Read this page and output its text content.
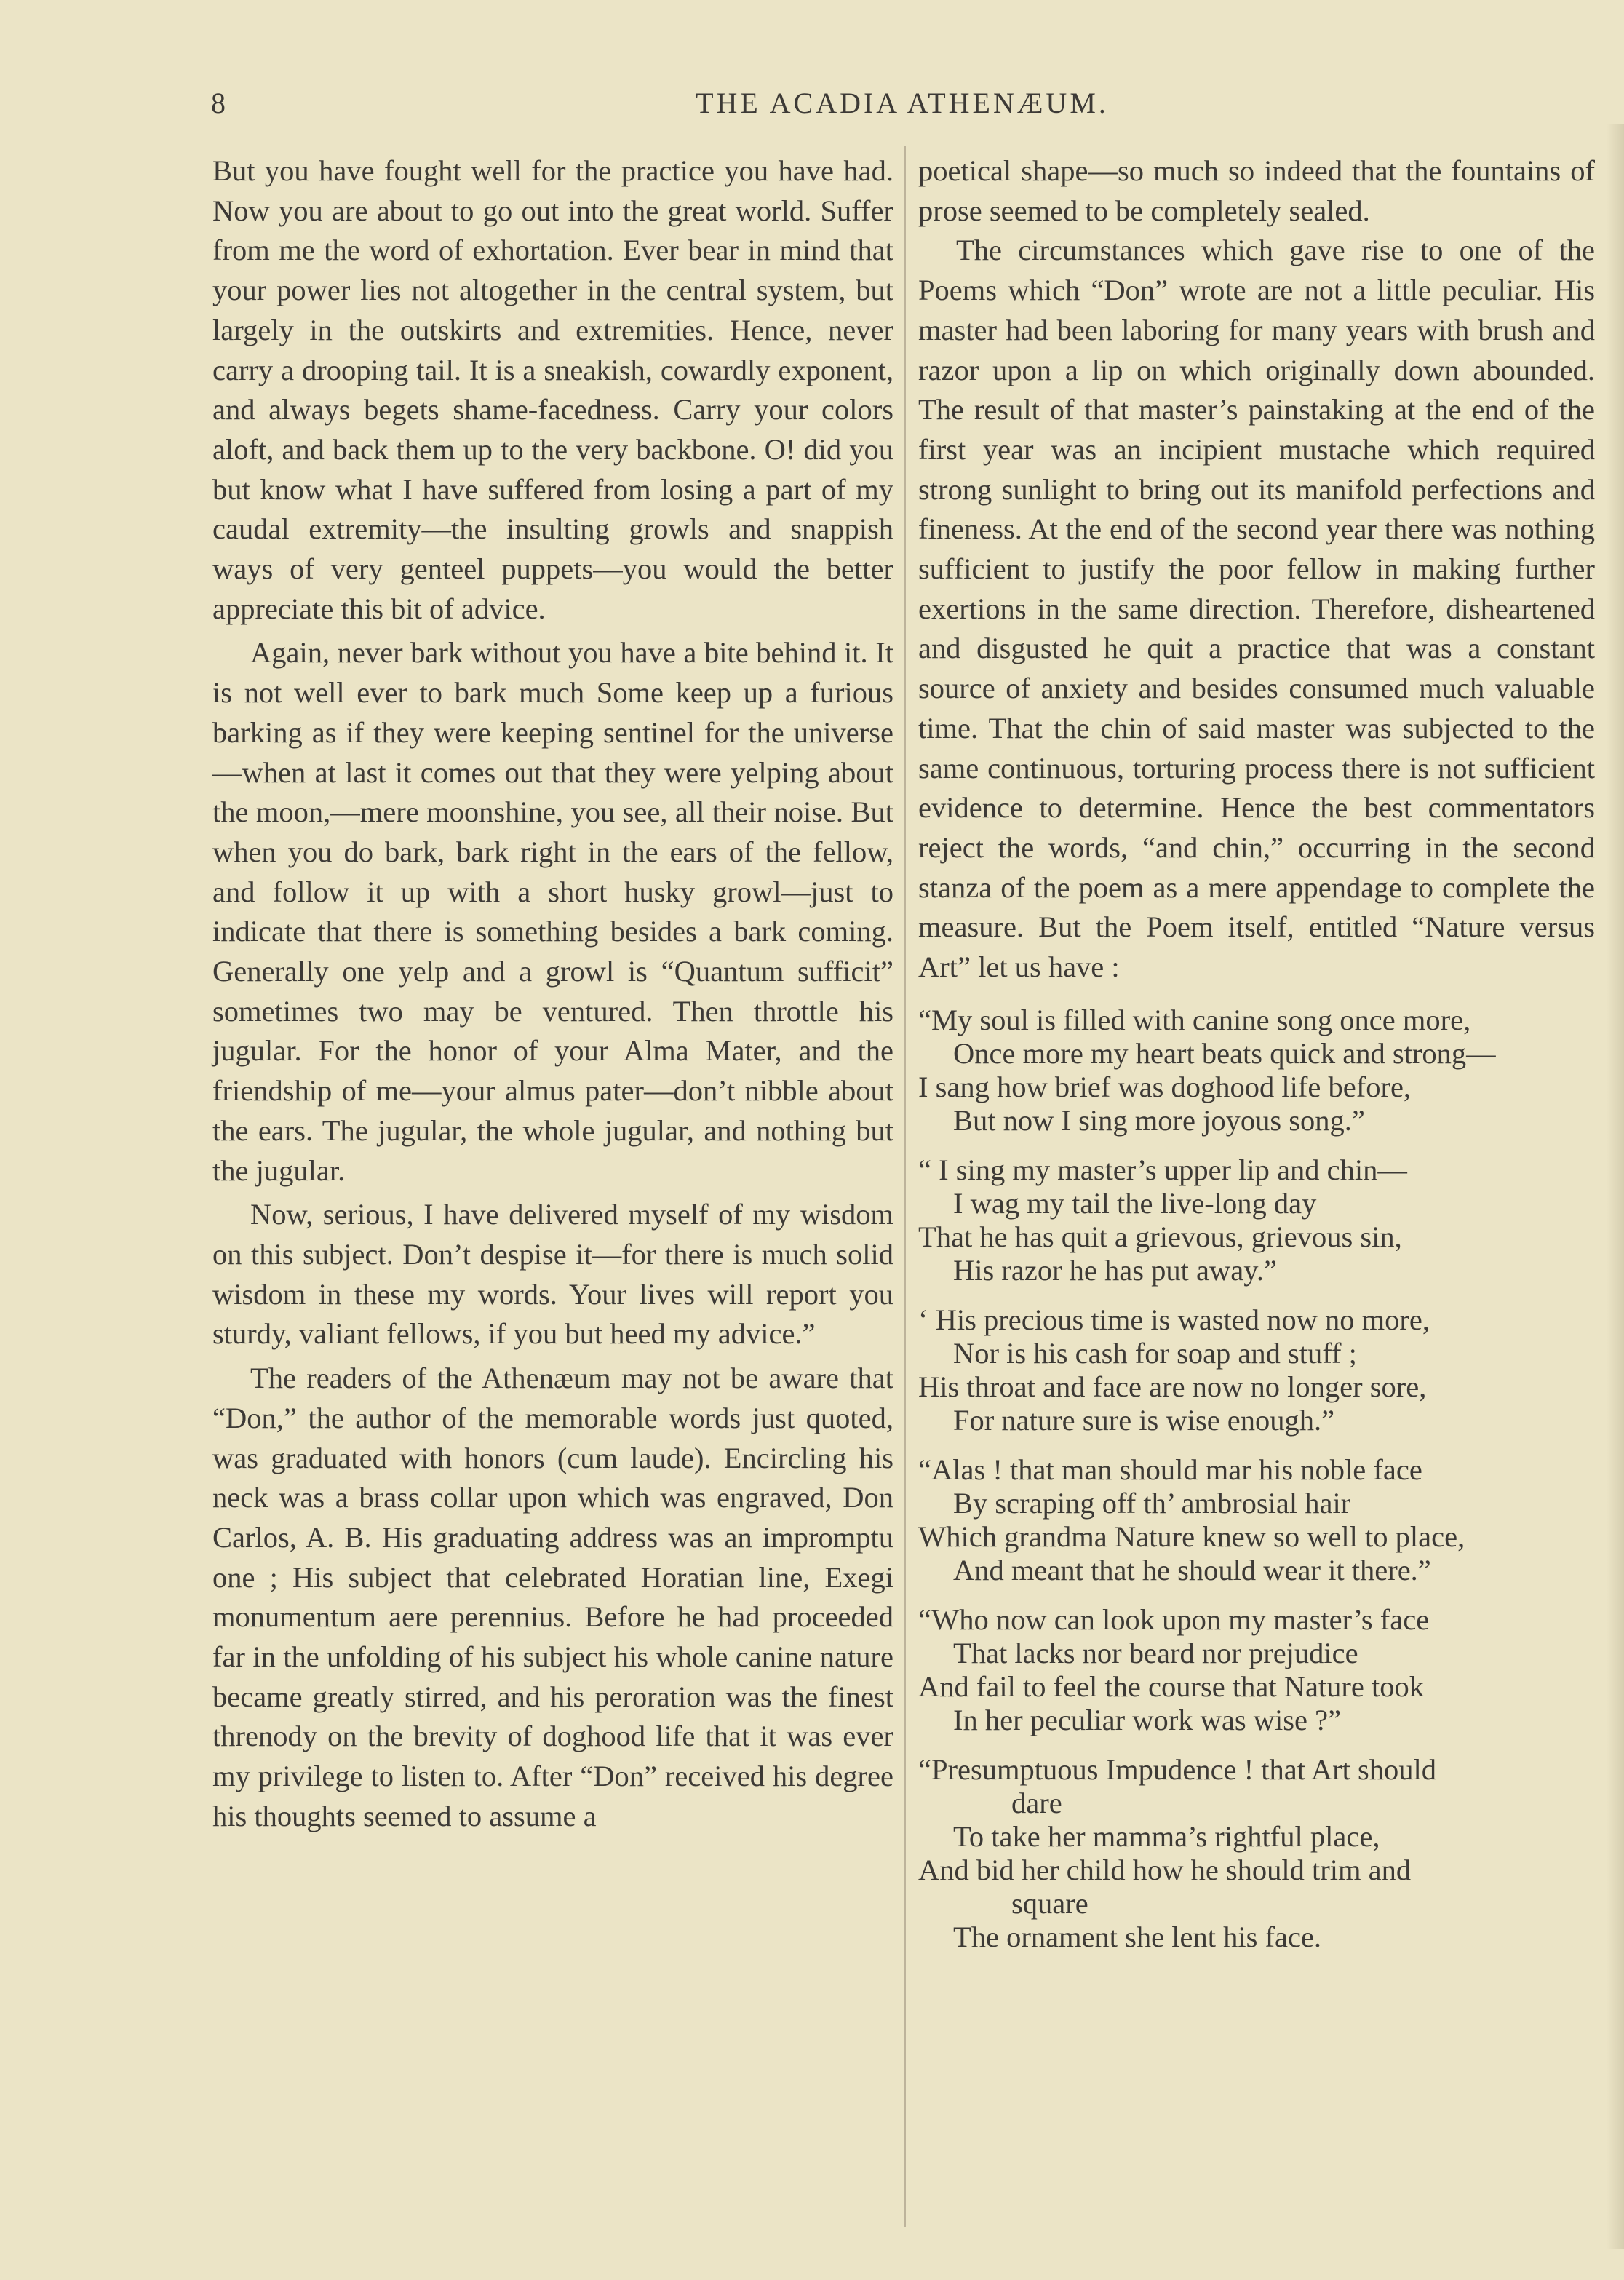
8	THE ACADIA ATHENÆUM.

But you have fought well for the practice you have had. Now you are about to go out into the great world. Suffer from me the word of exhortation. Ever bear in mind that your power lies not altogether in the central system, but largely in the outskirts and extremities. Hence, never carry a drooping tail. It is a sneakish, cowardly exponent, and always begets shame-facedness. Carry your colors aloft, and back them up to the very backbone. O! did you but know what I have suffered from losing a part of my caudal extremity—the insulting growls and snappish ways of very genteel puppets—you would the better appreciate this bit of advice.

Again, never bark without you have a bite behind it. It is not well ever to bark much Some keep up a furious barking as if they were keeping sentinel for the universe—when at last it comes out that they were yelping about the moon,—mere moonshine, you see, all their noise. But when you do bark, bark right in the ears of the fellow, and follow it up with a short husky growl—just to indicate that there is something besides a bark coming. Generally one yelp and a growl is “Quantum sufficit” sometimes two may be ventured. Then throttle his jugular. For the honor of your Alma Mater, and the friendship of me—your almus pater—don’t nibble about the ears. The jugular, the whole jugular, and nothing but the jugular.

Now, serious, I have delivered myself of my wisdom on this subject. Don’t despise it—for there is much solid wisdom in these my words. Your lives will report you sturdy, valiant fellows, if you but heed my advice.”

The readers of the Athenæum may not be aware that “Don,” the author of the memorable words just quoted, was graduated with honors (cum laude). Encircling his neck was a brass collar upon which was engraved, Don Carlos, A. B. His graduating address was an impromptu one ; His subject that celebrated Horatian line, Exegi monumentum aere perennius. Before he had proceeded far in the unfolding of his subject his whole canine nature became greatly stirred, and his peroration was the finest threnody on the brevity of doghood life that it was ever my privilege to listen to. After “Don” received his degree his thoughts seemed to assume a

poetical shape—so much so indeed that the fountains of prose seemed to be completely sealed.

The circumstances which gave rise to one of the Poems which “Don” wrote are not a little peculiar. His master had been laboring for many years with brush and razor upon a lip on which originally down abounded. The result of that master’s painstaking at the end of the first year was an incipient mustache which required strong sunlight to bring out its manifold perfections and fineness. At the end of the second year there was nothing sufficient to justify the poor fellow in making further exertions in the same direction. Therefore, disheartened and disgusted he quit a practice that was a constant source of anxiety and besides consumed much valuable time. That the chin of said master was subjected to the same continuous, torturing process there is not sufficient evidence to determine. Hence the best commentators reject the words, “and chin,” occurring in the second stanza of the poem as a mere appendage to complete the measure. But the Poem itself, entitled “Nature versus Art” let us have :

“My soul is filled with canine song once more,

Once more my heart beats quick and strong—

I sang how brief was doghood life before,

But now I sing more joyous song.”

“ I sing my master’s upper lip and chin—

I wag my tail the live-long day

That he has quit a grievous, grievous sin,

His razor he has put away.”

‘ His precious time is wasted now no more,

Nor is his cash for soap and stuff ;

His throat and face are now no longer sore,

For nature sure is wise enough.”

“Alas ! that man should mar his noble face

By scraping off th’ ambrosial hair

Which grandma Nature knew so well to place,

And meant that he should wear it there.”

“Who now can look upon my master’s face

That lacks nor beard nor prejudice

And fail to feel the course that Nature took

In her peculiar work was wise ?”

“Presumptuous Impudence ! that Art should

dare

To take her mamma’s rightful place,

And bid her child how he should trim and

square

The ornament she lent his face.
